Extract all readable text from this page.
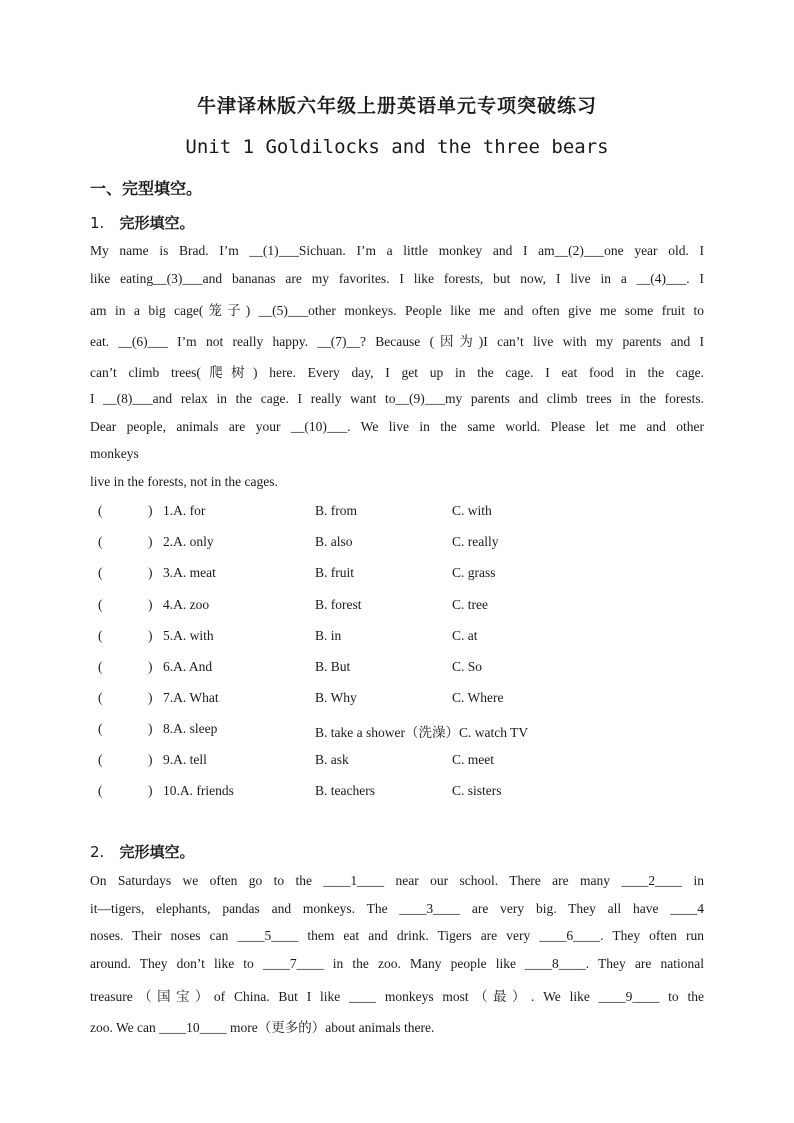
牛津译林版六年级上册英语单元专项突破练习
Unit 1 Goldilocks and the three bears
一、完型填空。
1. 完形填空。
My name is Brad. I’m __(1)___Sichuan. I’m a little monkey and I am__(2)___one year old. I
like eating__(3)___and bananas are my favorites. I like forests, but now, I live in a __(4)___. I
am in a big cage(笼子) __(5)___other monkeys. People like me and often give me some fruit to
eat. __(6)___ I’m not really happy. __(7)__? Because (因为)I can’t live with my parents and I
can’t climb trees(爬树) here. Every day, I get up in the cage. I eat food in the cage.
I __(8)___and relax in the cage. I really want to__(9)___my parents and climb trees in the forests.
Dear people, animals are your __(10)___. We live in the same world. Please let me and other
monkeys
live in the forests, not in the cages.
(	) 1.A. for	B. from	C. with
(	) 2.A. only	B. also	C. really
(	) 3.A. meat	B. fruit	C. grass
(	) 4.A. zoo	B. forest	C. tree
(	) 5.A. with	B. in	C. at
(	) 6.A. And	B. But	C. So
(	) 7.A. What	B. Why	C. Where
(	) 8.A. sleep	B. take a shower（洗澡）C. watch TV
(	) 9.A. tell	B. ask	C. meet
(	) 10.A. friends	B. teachers	C. sisters
2. 完形填空。
On Saturdays we often go to the ____1____ near our school. There are many ____2____ in
it—tigers, elephants, pandas and monkeys. The ____3____ are very big. They all have ____4
noses. Their noses can ____5____ them eat and drink. Tigers are very ____6____. They often run
around. They don’t like to ____7____ in the zoo. Many people like ____8____. They are national
treasure（国宝）of China. But I like ____ monkeys most（最）. We like ____9____ to the
zoo. We can ____10____ more（更多的）about animals there.
